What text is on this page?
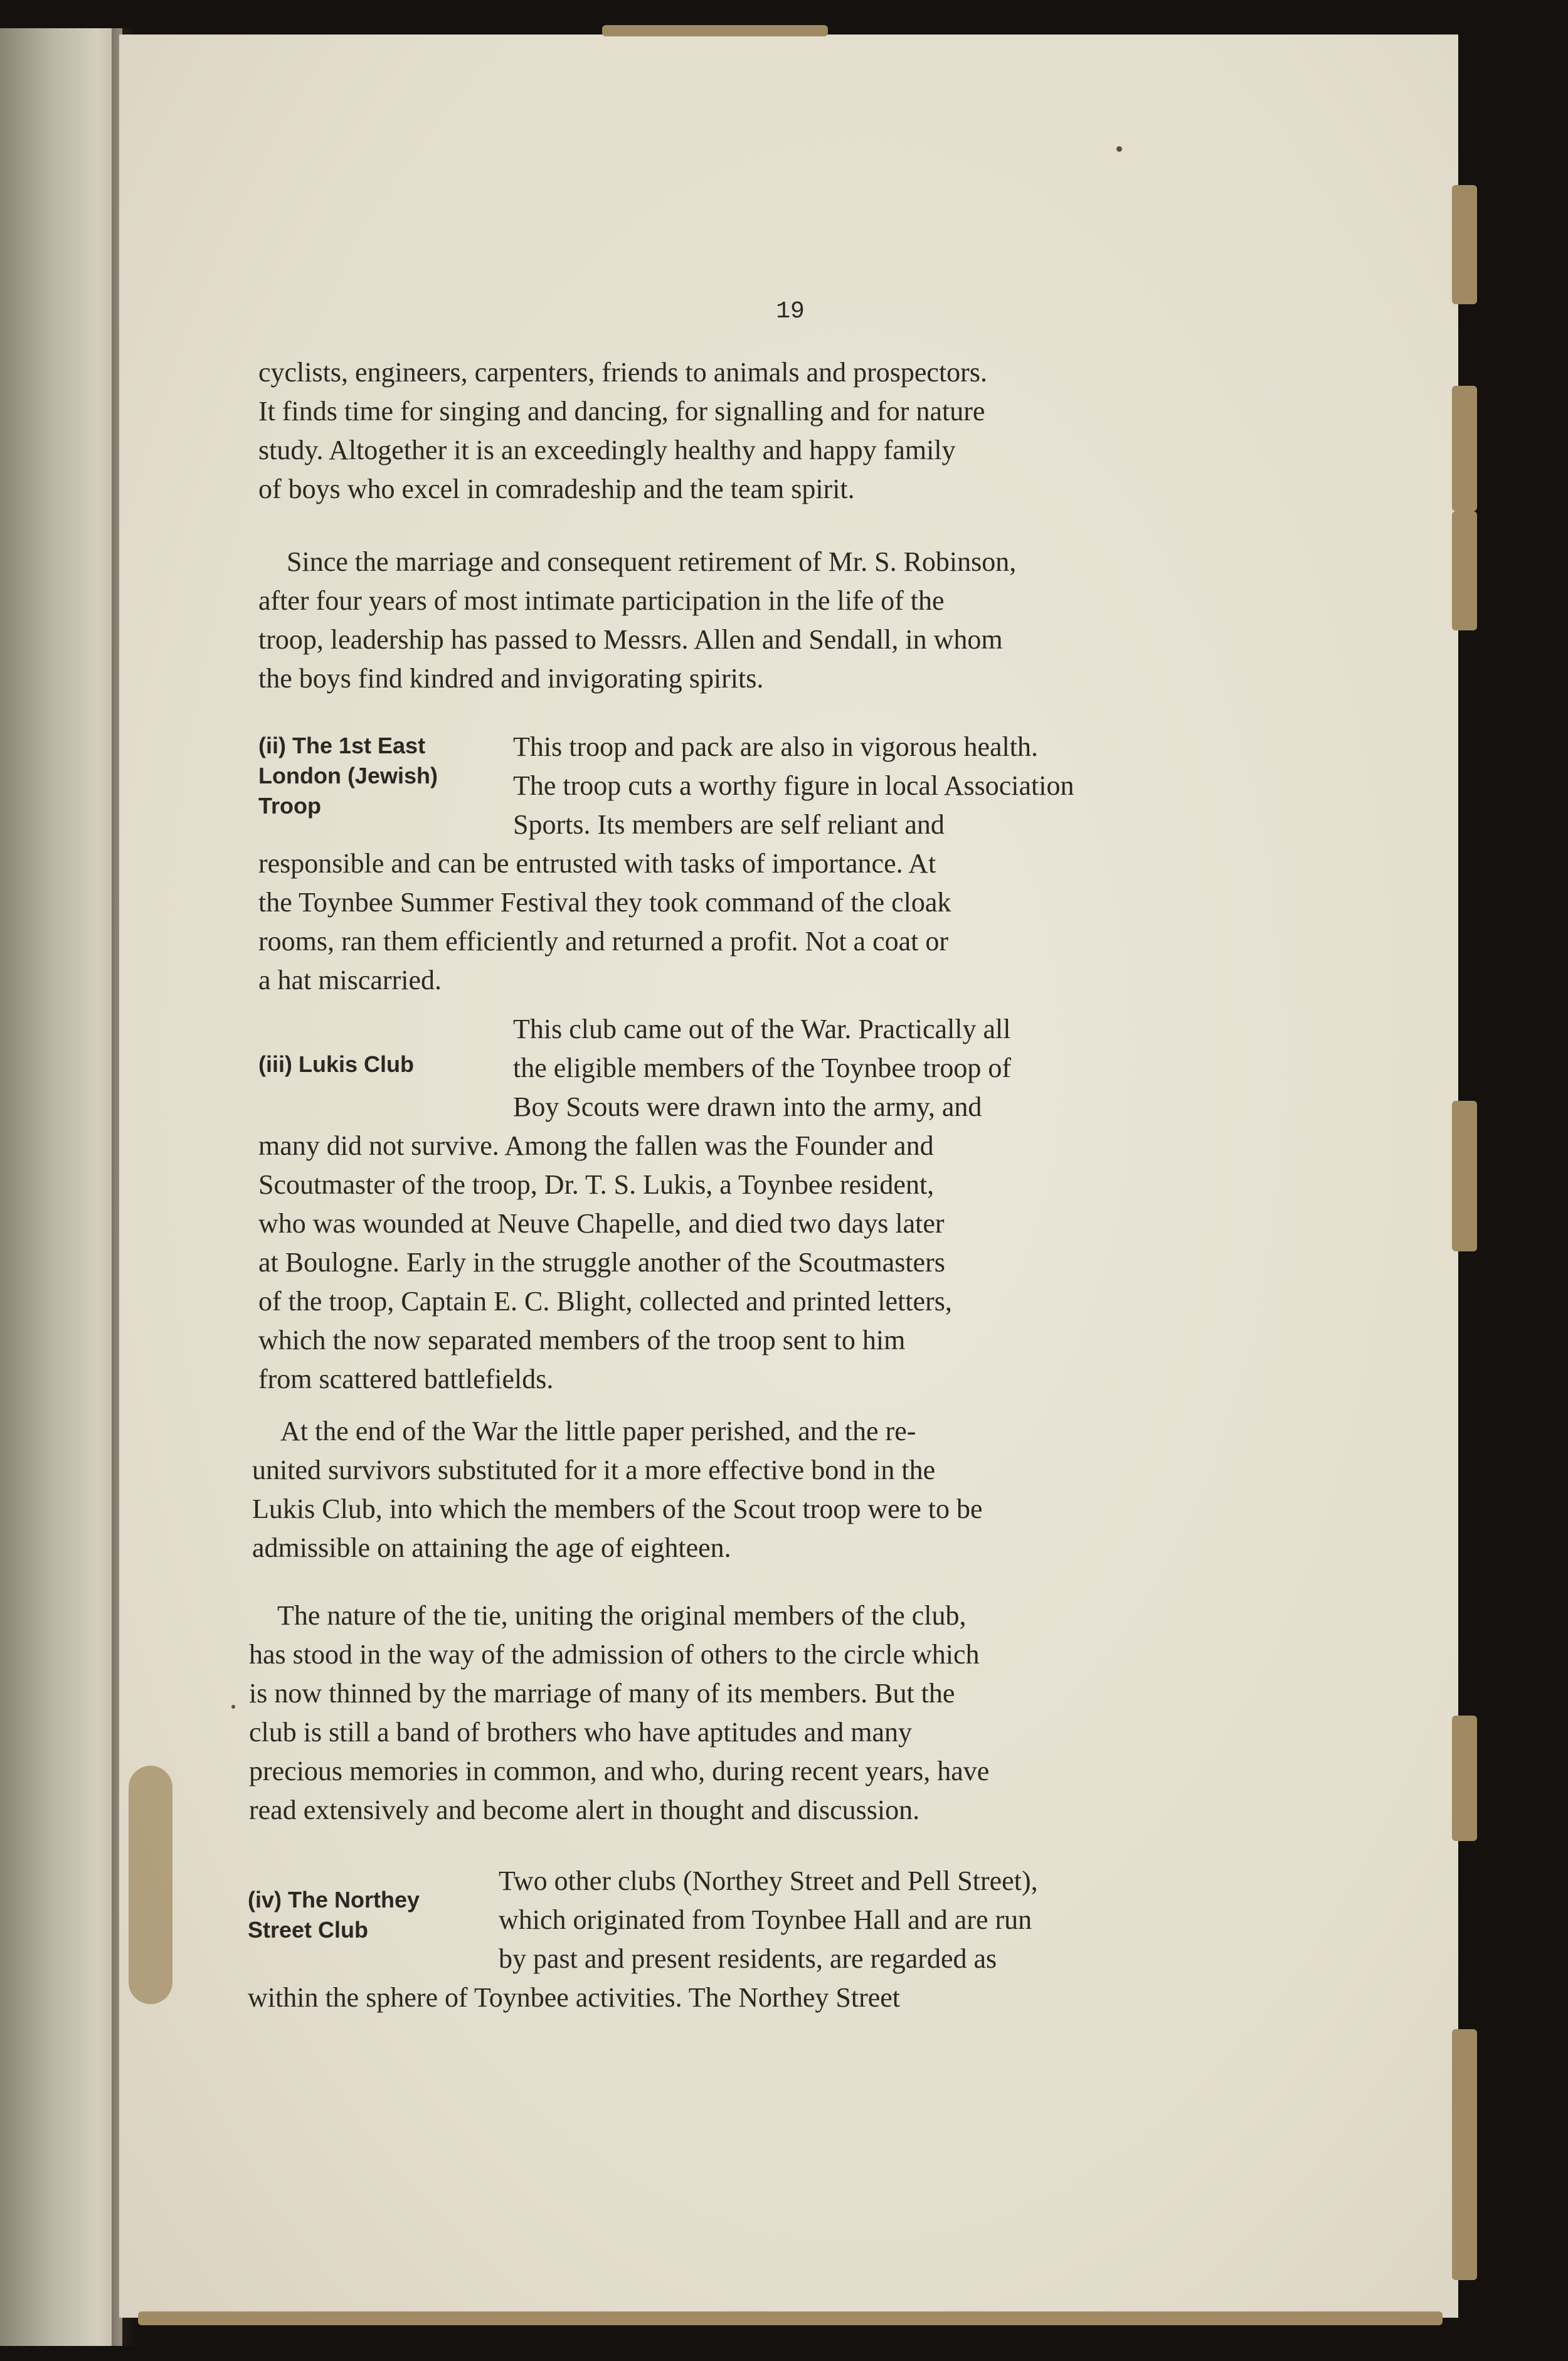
19
cyclists, engineers, carpenters, friends to animals and prospectors.
It finds time for singing and dancing, for signalling and for nature
study. Altogether it is an exceedingly healthy and happy family
of boys who excel in comradeship and the team spirit.
Since the marriage and consequent retirement of Mr. S. Robinson,
after four years of most intimate participation in the life of the
troop, leadership has passed to Messrs. Allen and Sendall, in whom
the boys find kindred and invigorating spirits.
(ii) The 1st East
London (Jewish)
Troop
This troop and pack are also in vigorous health.
The troop cuts a worthy figure in local Association
Sports. Its members are self reliant and
responsible and can be entrusted with tasks of importance. At
the Toynbee Summer Festival they took command of the cloak
rooms, ran them efficiently and returned a profit. Not a coat or
a hat miscarried.
(iii) Lukis Club
This club came out of the War. Practically all
the eligible members of the Toynbee troop of
Boy Scouts were drawn into the army, and
many did not survive. Among the fallen was the Founder and
Scoutmaster of the troop, Dr. T. S. Lukis, a Toynbee resident,
who was wounded at Neuve Chapelle, and died two days later
at Boulogne. Early in the struggle another of the Scoutmasters
of the troop, Captain E. C. Blight, collected and printed letters,
which the now separated members of the troop sent to him
from scattered battlefields.
At the end of the War the little paper perished, and the re-
united survivors substituted for it a more effective bond in the
Lukis Club, into which the members of the Scout troop were to be
admissible on attaining the age of eighteen.
The nature of the tie, uniting the original members of the club,
has stood in the way of the admission of others to the circle which
is now thinned by the marriage of many of its members. But the
club is still a band of brothers who have aptitudes and many
precious memories in common, and who, during recent years, have
read extensively and become alert in thought and discussion.
(iv) The Northey
Street Club
Two other clubs (Northey Street and Pell Street),
which originated from Toynbee Hall and are run
by past and present residents, are regarded as
within the sphere of Toynbee activities. The Northey Street
